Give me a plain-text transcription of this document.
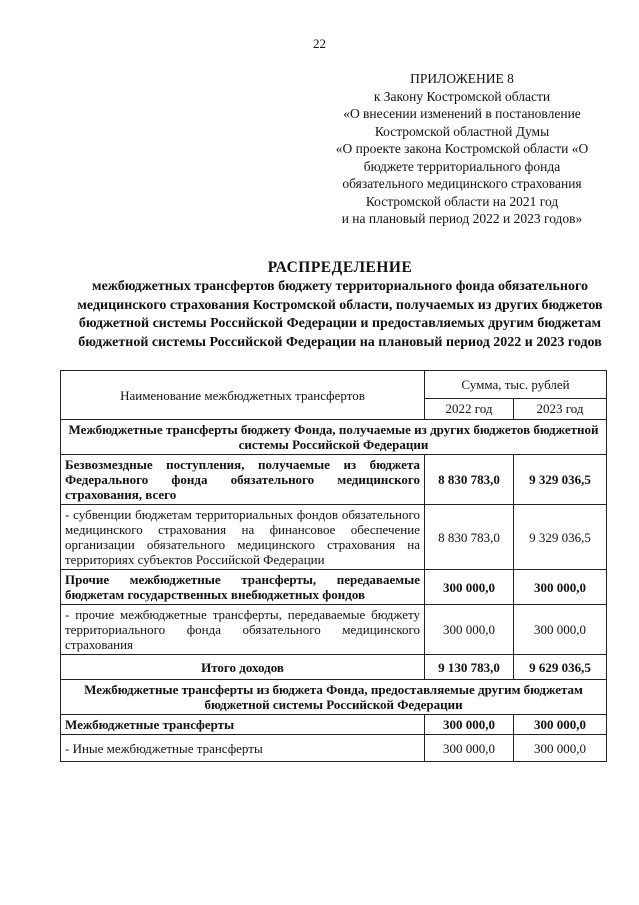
22
ПРИЛОЖЕНИЕ 8
к Закону Костромской области
«О внесении изменений в постановление
Костромской областной Думы
«О проекте закона Костромской области «О
бюджете территориального фонда
обязательного медицинского страхования
Костромской области на 2021 год
и на плановый период 2022 и 2023 годов»
РАСПРЕДЕЛЕНИЕ
межбюджетных трансфертов бюджету территориального фонда обязательного медицинского страхования Костромской области, получаемых из других бюджетов бюджетной системы Российской Федерации и предоставляемых другим бюджетам бюджетной системы Российской Федерации на плановый период 2022 и 2023 годов
Наименование межбюджетных трансфертов	Сумма, тыс. рублей	
	2022 год	2023 год
Межбюджетные трансферты бюджету Фонда, получаемые из других бюджетов бюджетной системы Российской Федерации		
Безвозмездные поступления, получаемые из бюджета Федерального фонда обязательного медицинского страхования, всего	8 830 783,0	9 329 036,5
- субвенции бюджетам территориальных фондов обязательного медицинского страхования на финансовое обеспечение организации обязательного медицинского страхования на территориях субъектов Российской Федерации	8 830 783,0	9 329 036,5
Прочие межбюджетные трансферты, передаваемые бюджетам государственных внебюджетных фондов	300 000,0	300 000,0
- прочие межбюджетные трансферты, передаваемые бюджету территориального фонда обязательного медицинского страхования	300 000,0	300 000,0
Итого доходов	9 130 783,0	9 629 036,5
Межбюджетные трансферты из бюджета Фонда, предоставляемые другим бюджетам бюджетной системы Российской Федерации		
Межбюджетные трансферты	300 000,0	300 000,0
- Иные межбюджетные трансферты	300 000,0	300 000,0
